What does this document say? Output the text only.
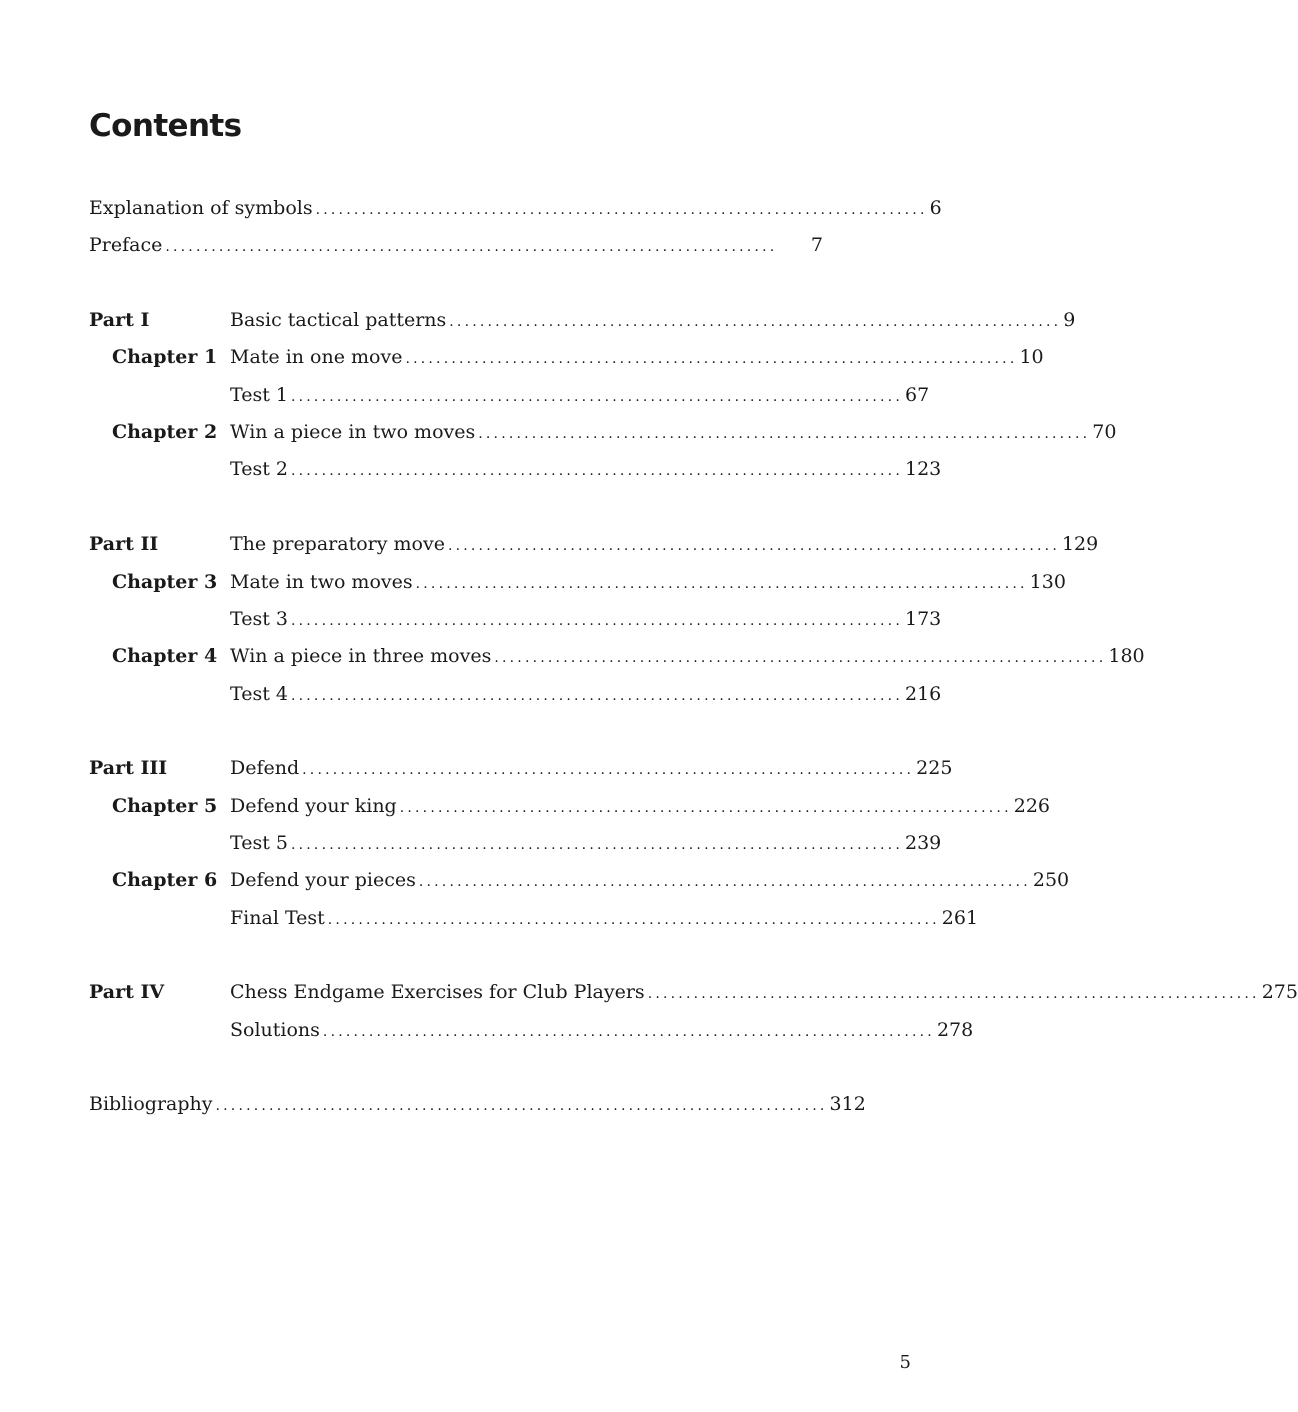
Contents
Explanation of symbols ................................................................................ 6
Preface ................................................................................	7
Part I	Basic tactical patterns ................................................................................ 9
Chapter 1 Mate in one move ................................................................................ 10
Test 1 ................................................................................ 67
Chapter 2 Win a piece in two moves ................................................................................ 70
Test 2 ................................................................................ 123
Part II	The preparatory move ................................................................................ 129
Chapter 3 Mate in two moves ................................................................................ 130
Test 3 ................................................................................ 173
Chapter 4 Win a piece in three moves ................................................................................ 180
Test 4 ................................................................................ 216
Part III	Defend ................................................................................ 225
Chapter 5 Defend your king ................................................................................ 226
Test 5 ................................................................................ 239
Chapter 6 Defend your pieces ................................................................................ 250
Final Test ................................................................................ 261
Part IV	Chess Endgame Exercises for Club Players ................................................................................ 275
Solutions ................................................................................ 278
Bibliography ................................................................................ 312
5
